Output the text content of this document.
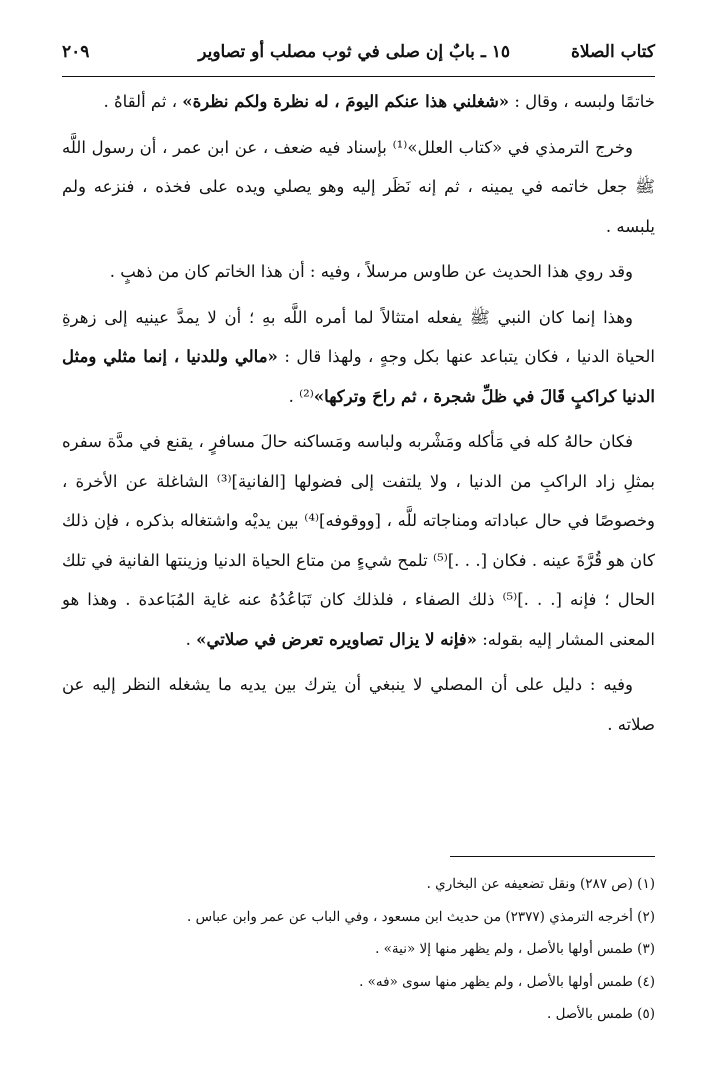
كتاب الصلاة
١٥ ـ بابٌ إن صلى في ثوب مصلب أو تصاوير
٢٠٩

خاتمًا ولبسه ، وقال : «شغلني هذا عنكم اليومَ ، له نظرة ولكم نظرة» ، ثم ألقاهُ .

وخرج الترمذي في «كتاب العلل»⁽¹⁾ بإسناد فيه ضعف ، عن ابن عمر ، أن رسول اللَّه ﷺ جعل خاتمه في يمينه ، ثم إنه نَظَر إليه وهو يصلي ويده على فخذه ، فنزعه ولم يلبسه .

وقد روي هذا الحديث عن طاوس مرسلاً ، وفيه : أن هذا الخاتم كان من ذهبٍ .

وهذا إنما كان النبي ﷺ يفعله امتثالاً لما أمره اللَّه بهِ ؛ أن لا يمدَّ عينيه إلى زهرةِ الحياة الدنيا ، فكان يتباعد عنها بكل وجهٍ ، ولهذا قال : «مالي وللدنيا ، إنما مثلي ومثل الدنيا كراكبٍ قَالَ في ظلِّ شجرة ، ثم راحَ وتركها»⁽²⁾ .

فكان حالهُ كله في مَأكله ومَشْربه ولباسه ومَساكنه حالَ مسافرٍ ، يقنع في مدَّة سفره بمثلِ زاد الراكبِ من الدنيا ، ولا يلتفت إلى فضولها [الفانية]⁽³⁾ الشاغلة عن الأخرة ، وخصوصًا في حال عباداته ومناجاته للَّه ، [ووقوفه]⁽⁴⁾ بين يديْه واشتغاله بذكره ، فإن ذلك كان هو قُرَّةَ عينه . فكان [. . .]⁽⁵⁾ تلمح شيءٍ من متاع الحياة الدنيا وزينتها الفانية في تلك الحال ؛ فإنه [. . .]⁽⁵⁾ ذلك الصفاء ، فلذلك كان تَبَاعُدُهُ عنه غاية المُبَاعدة . وهذا هو المعنى المشار إليه بقوله: «فإنه لا يزال تصاويره تعرض في صلاتي» .

وفيه : دليل على أن المصلي لا ينبغي أن يترك بين يديه ما يشغله النظر إليه عن صلاته .

(١) (ص ٢٨٧) ونقل تضعيفه عن البخاري .

(٢) أخرجه الترمذي (٢٣٧٧) من حديث ابن مسعود ، وفي الباب عن عمر وابن عباس .

(٣) طمس أولها بالأصل ، ولم يظهر منها إلا «نية» .

(٤) طمس أولها بالأصل ، ولم يظهر منها سوى «فه» .

(٥) طمس بالأصل .
